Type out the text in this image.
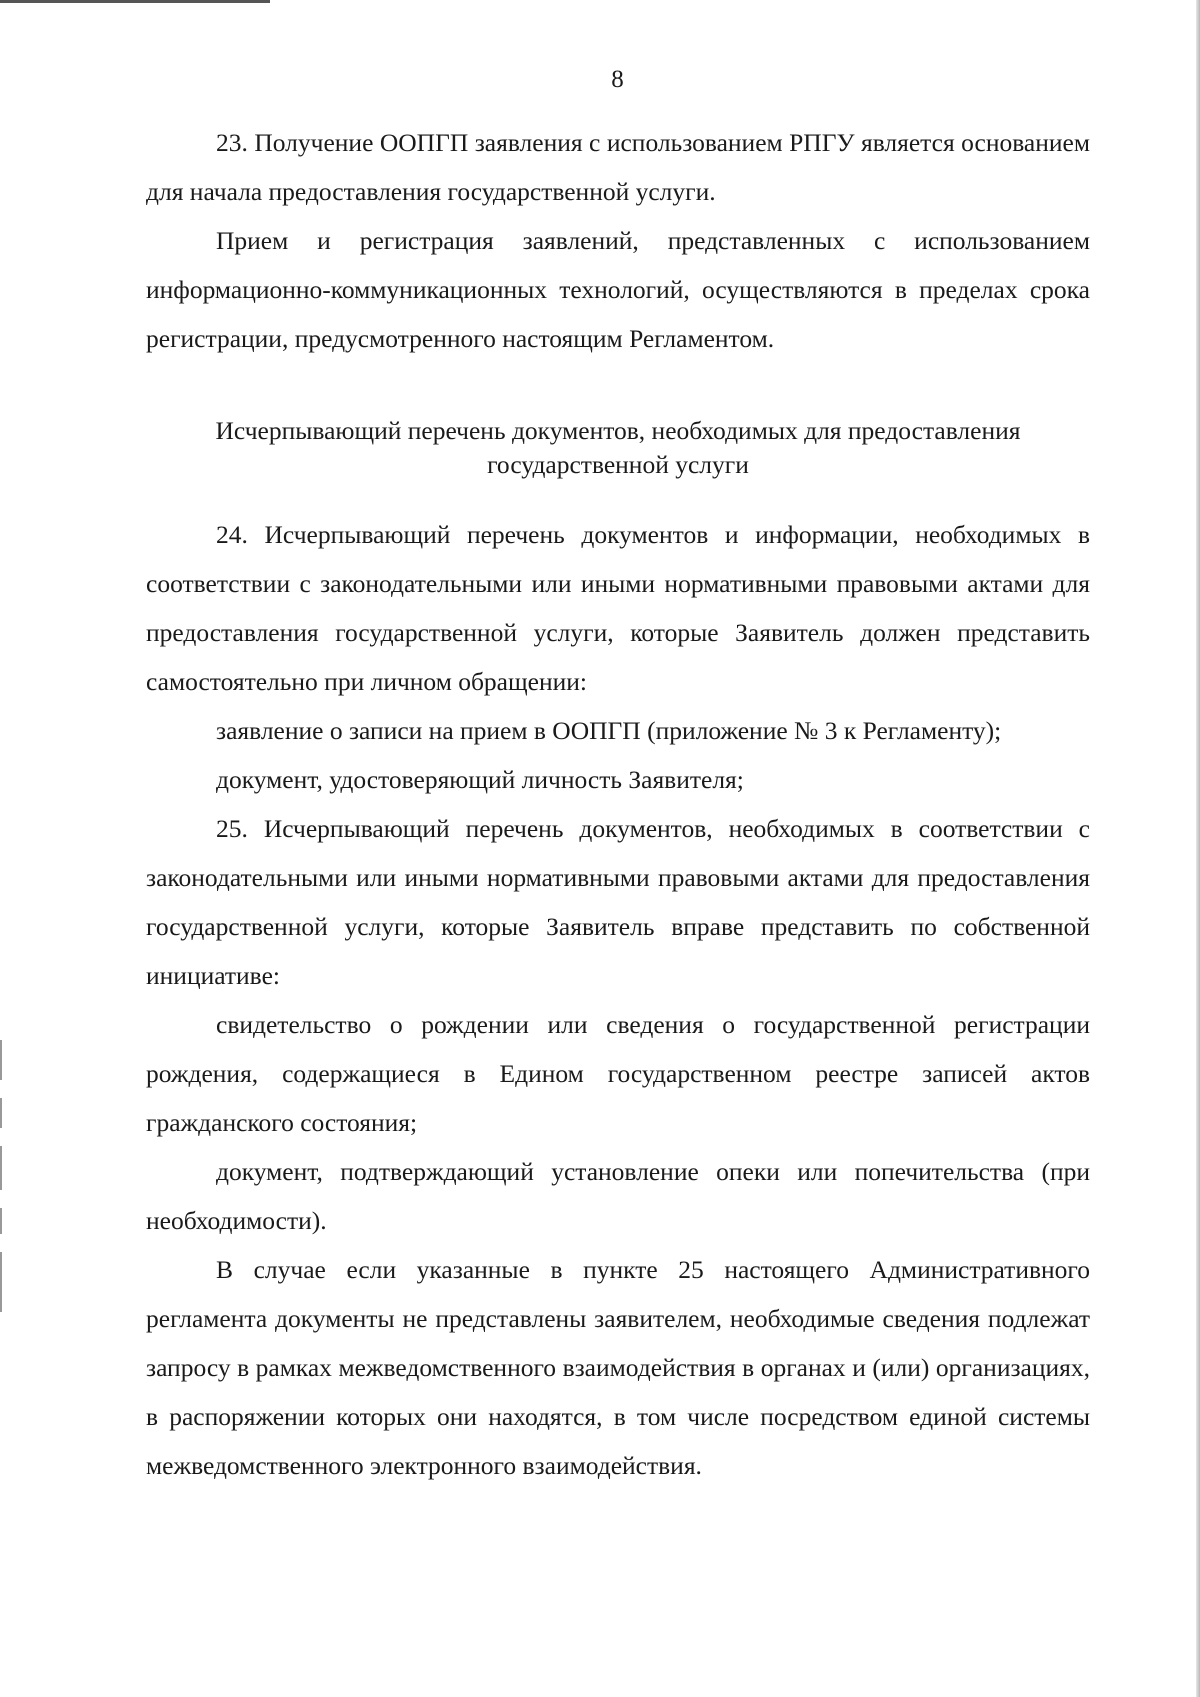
8

23. Получение ООПГП заявления с использованием РПГУ является основанием для начала предоставления государственной услуги.

Прием и регистрация заявлений, представленных с использованием информационно-коммуникационных технологий, осуществляются в пределах срока регистрации, предусмотренного настоящим Регламентом.

Исчерпывающий перечень документов, необходимых для предоставления
государственной услуги

24. Исчерпывающий перечень документов и информации, необходимых в соответствии с законодательными или иными нормативными правовыми актами для предоставления государственной услуги, которые Заявитель должен представить самостоятельно при личном обращении:

заявление о записи на прием в ООПГП (приложение № 3 к Регламенту);

документ, удостоверяющий личность Заявителя;

25. Исчерпывающий перечень документов, необходимых в соответствии с законодательными или иными нормативными правовыми актами для предоставления государственной услуги, которые Заявитель вправе представить по собственной инициативе:

свидетельство о рождении или сведения о государственной регистрации рождения, содержащиеся в Едином государственном реестре записей актов гражданского состояния;

документ, подтверждающий установление опеки или попечительства (при необходимости).

В случае если указанные в пункте 25 настоящего Административного регламента документы не представлены заявителем, необходимые сведения подлежат запросу в рамках межведомственного взаимодействия в органах и (или) организациях, в распоряжении которых они находятся, в том числе посредством единой системы межведомственного электронного взаимодействия.
